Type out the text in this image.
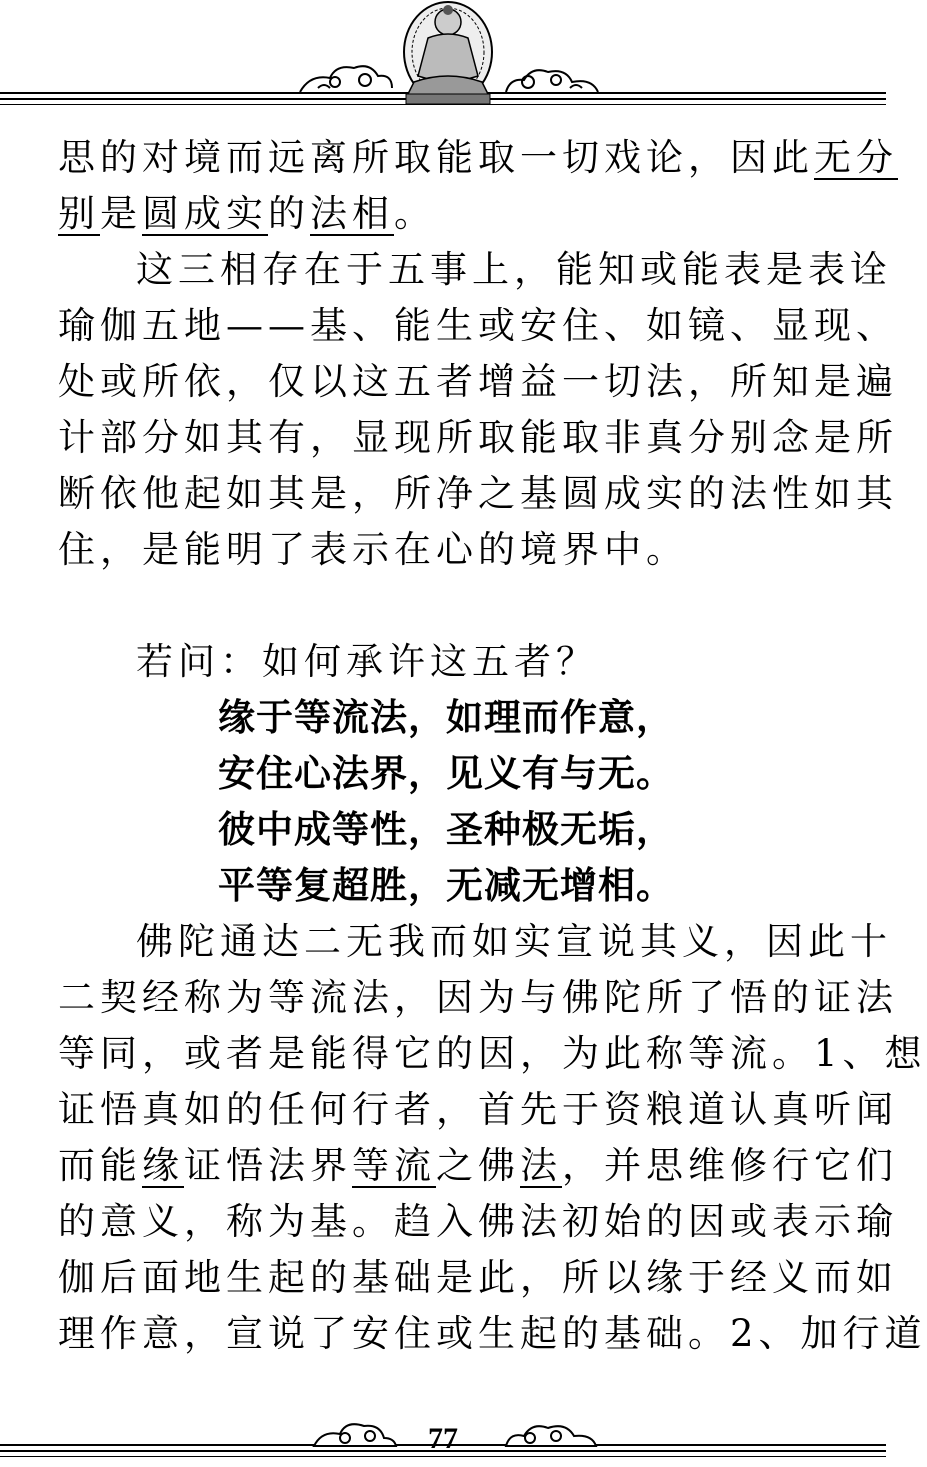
思的对境而远离所取能取一切戏论，因此无分
别是圆成实的法相。
这三相存在于五事上，能知或能表是表诠
瑜伽五地——基、能生或安住、如镜、显现、
处或所依，仅以这五者增益一切法，所知是遍
计部分如其有，显现所取能取非真分别念是所
断依他起如其是，所净之基圆成实的法性如其
住，是能明了表示在心的境界中。
若问：如何承许这五者？
缘于等流法，如理而作意，
安住心法界，见义有与无。
彼中成等性，圣种极无垢，
平等复超胜，无减无增相。
佛陀通达二无我而如实宣说其义，因此十
二契经称为等流法，因为与佛陀所了悟的证法
等同，或者是能得它的因，为此称等流。1、想
证悟真如的任何行者，首先于资粮道认真听闻
而能缘证悟法界等流之佛法，并思维修行它们
的意义，称为基。趋入佛法初始的因或表示瑜
伽后面地生起的基础是此，所以缘于经义而如
理作意，宣说了安住或生起的基础。2、加行道
77
